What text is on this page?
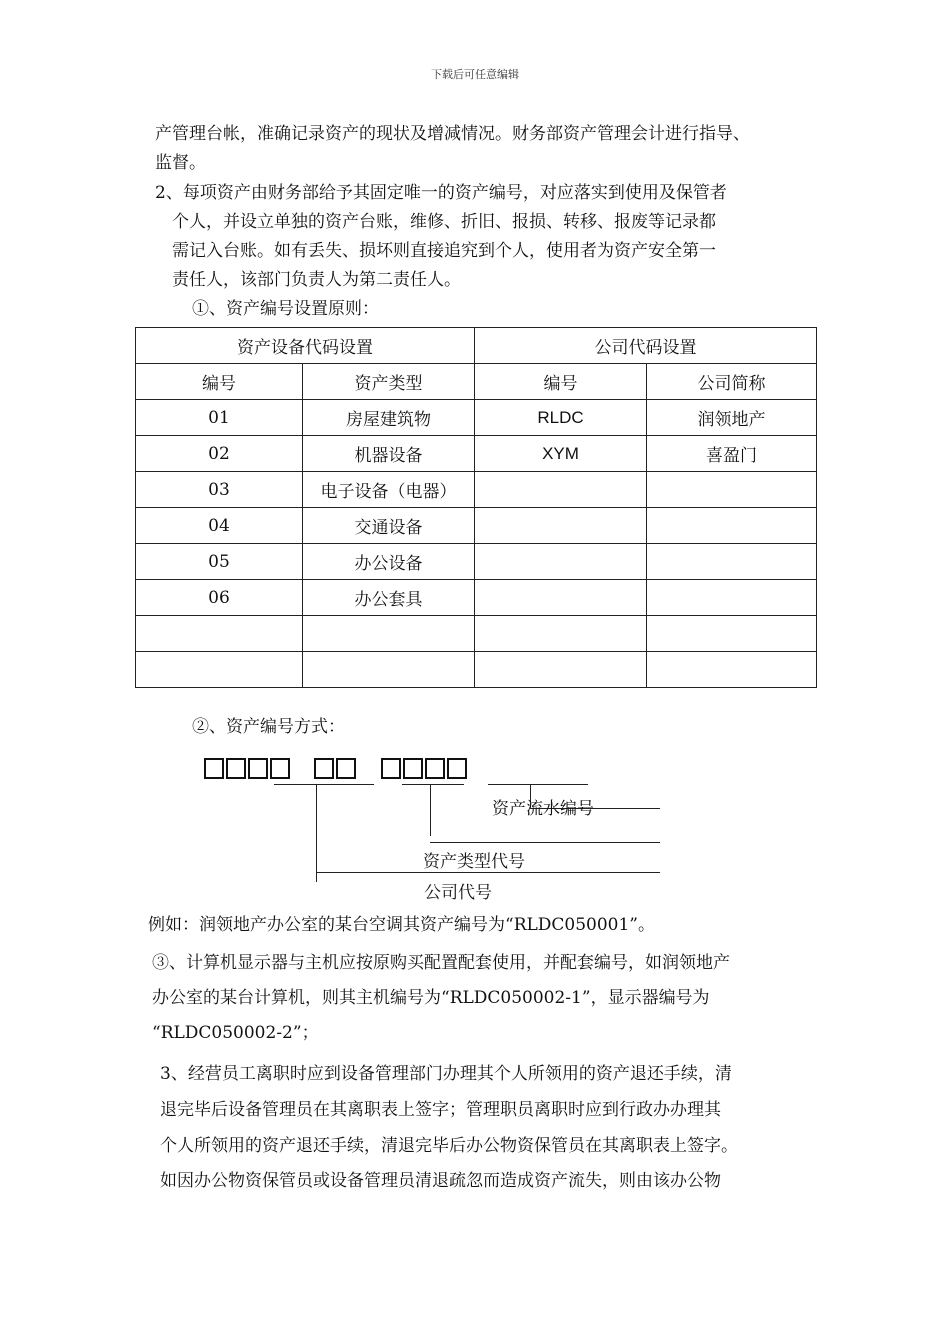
下载后可任意编辑
产管理台帐，准确记录资产的现状及增减情况。财务部资产管理会计进行指导、
监督。
2、每项资产由财务部给予其固定唯一的资产编号，对应落实到使用及保管者
个人，并设立单独的资产台账，维修、折旧、报损、转移、报废等记录都
需记入台账。如有丢失、损坏则直接追究到个人，使用者为资产安全第一
责任人，该部门负责人为第二责任人。
①、资产编号设置原则：
资产设备代码设置		公司代码设置	
编号	资产类型	编号	公司简称
01	房屋建筑物	RLDC	润领地产
02	机器设备	XYM	喜盈门
03	电子设备（电器）		
04	交通设备		
05	办公设备		
06	办公套具		

②、资产编号方式：
资产流水编号
资产类型代号
公司代号
例如：润领地产办公室的某台空调其资产编号为“RLDC050001”。
③、计算机显示器与主机应按原购买配置配套使用，并配套编号，如润领地产
办公室的某台计算机，则其主机编号为“RLDC050002-1”，显示器编号为
“RLDC050002-2”；
3、经营员工离职时应到设备管理部门办理其个人所领用的资产退还手续，清
退完毕后设备管理员在其离职表上签字；管理职员离职时应到行政办办理其
个人所领用的资产退还手续，清退完毕后办公物资保管员在其离职表上签字。
如因办公物资保管员或设备管理员清退疏忽而造成资产流失，则由该办公物
